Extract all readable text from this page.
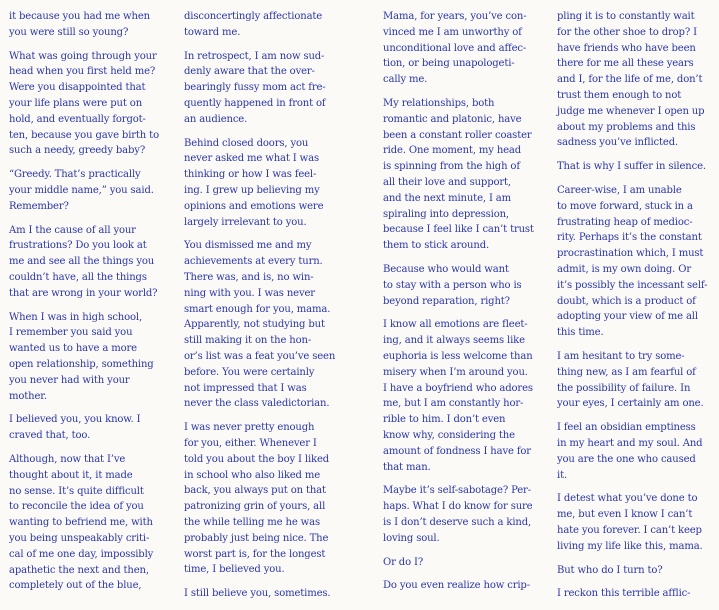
it because you had me when
you were still so young?

What was going through your
head when you first held me?
Were you disappointed that
your life plans were put on
hold, and eventually forgot-
ten, because you gave birth to
such a needy, greedy baby?

“Greedy. That’s practically
your middle name,” you said.
Remember?

Am I the cause of all your
frustrations? Do you look at
me and see all the things you
couldn’t have, all the things
that are wrong in your world?

When I was in high school,
I remember you said you
wanted us to have a more
open relationship, something
you never had with your
mother.

I believed you, you know. I
craved that, too.

Although, now that I’ve
thought about it, it made
no sense. It’s quite difficult
to reconcile the idea of you
wanting to befriend me, with
you being unspeakably criti-
cal of me one day, impossibly
apathetic the next and then,
completely out of the blue,

disconcertingly affectionate
toward me.

In retrospect, I am now sud-
denly aware that the over-
bearingly fussy mom act fre-
quently happened in front of
an audience.

Behind closed doors, you
never asked me what I was
thinking or how I was feel-
ing. I grew up believing my
opinions and emotions were
largely irrelevant to you.

You dismissed me and my
achievements at every turn.
There was, and is, no win-
ning with you. I was never
smart enough for you, mama.
Apparently, not studying but
still making it on the hon-
or’s list was a feat you’ve seen
before. You were certainly
not impressed that I was
never the class valedictorian.

I was never pretty enough
for you, either. Whenever I
told you about the boy I liked
in school who also liked me
back, you always put on that
patronizing grin of yours, all
the while telling me he was
probably just being nice. The
worst part is, for the longest
time, I believed you.

I still believe you, sometimes.

Mama, for years, you’ve con-
vinced me I am unworthy of
unconditional love and affec-
tion, or being unapologeti-
cally me.

My relationships, both
romantic and platonic, have
been a constant roller coaster
ride. One moment, my head
is spinning from the high of
all their love and support,
and the next minute, I am
spiraling into depression,
because I feel like I can’t trust
them to stick around.

Because who would want
to stay with a person who is
beyond reparation, right?

I know all emotions are fleet-
ing, and it always seems like
euphoria is less welcome than
misery when I’m around you.
I have a boyfriend who adores
me, but I am constantly hor-
rible to him. I don’t even
know why, considering the
amount of fondness I have for
that man.

Maybe it’s self-sabotage? Per-
haps. What I do know for sure
is I don’t deserve such a kind,
loving soul.

Or do I?

Do you even realize how crip-

pling it is to constantly wait
for the other shoe to drop? I
have friends who have been
there for me all these years
and I, for the life of me, don’t
trust them enough to not
judge me whenever I open up
about my problems and this
sadness you’ve inflicted.

That is why I suffer in silence.

Career-wise, I am unable
to move forward, stuck in a
frustrating heap of medioc-
rity. Perhaps it’s the constant
procrastination which, I must
admit, is my own doing. Or
it’s possibly the incessant self-
doubt, which is a product of
adopting your view of me all
this time.

I am hesitant to try some-
thing new, as I am fearful of
the possibility of failure. In
your eyes, I certainly am one.

I feel an obsidian emptiness
in my heart and my soul. And
you are the one who caused
it.

I detest what you’ve done to
me, but even I know I can’t
hate you forever. I can’t keep
living my life like this, mama.

But who do I turn to?

I reckon this terrible afflic-
